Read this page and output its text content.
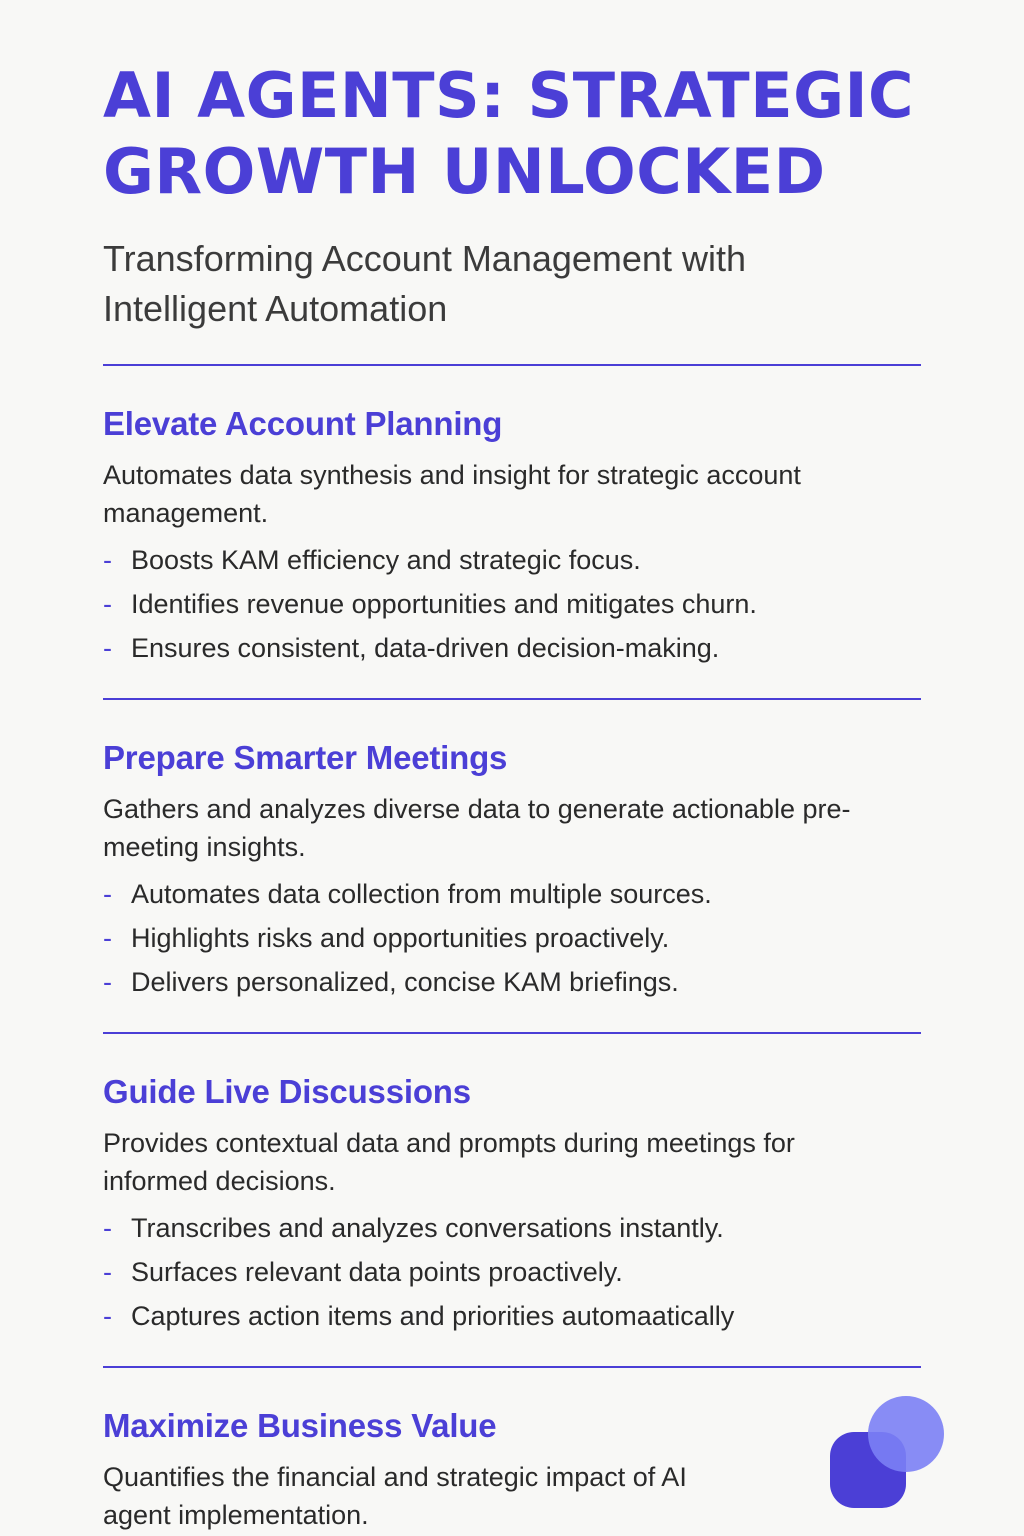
AI AGENTS: STRATEGIC GROWTH UNLOCKED

Transforming Account Management with Intelligent Automation

Elevate Account Planning

Automates data synthesis and insight for strategic account management.

- Boosts KAM efficiency and strategic focus.
- Identifies revenue opportunities and mitigates churn.
- Ensures consistent, data-driven decision-making.
Prepare Smarter Meetings

Gathers and analyzes diverse data to generate actionable pre-meeting insights.

- Automates data collection from multiple sources.
- Highlights risks and opportunities proactively.
- Delivers personalized, concise KAM briefings.
Guide Live Discussions

Provides contextual data and prompts during meetings for informed decisions.

- Transcribes and analyzes conversations instantly.
- Surfaces relevant data points proactively.
- Captures action items and priorities automaatically
Maximize Business Value

Quantifies the financial and strategic impact of AI agent implementation.
